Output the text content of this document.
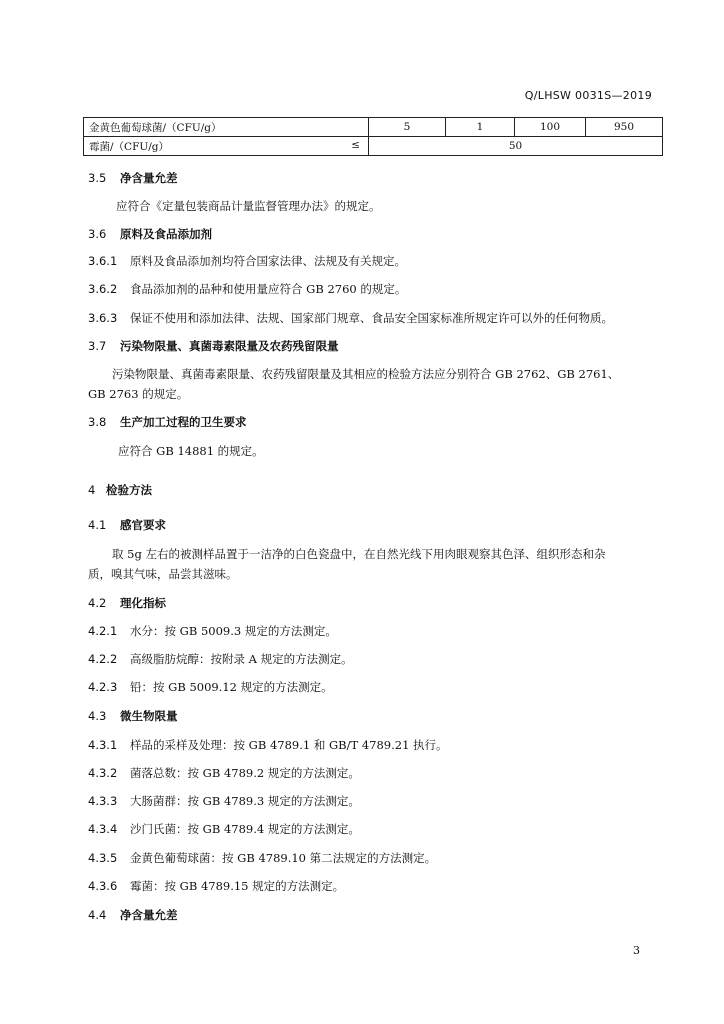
Q/LHSW 0031S—2019
金黄色葡萄球菌/（CFU/g）	5	1	100	950
霉菌/（CFU/g） ≤	50			
3.5 净含量允差
应符合《定量包装商品计量监督管理办法》的规定。
3.6 原料及食品添加剂
3.6.1 原料及食品添加剂均符合国家法律、法规及有关规定。
3.6.2 食品添加剂的品种和使用量应符合 GB 2760 的规定。
3.6.3 保证不使用和添加法律、法规、国家部门规章、食品安全国家标准所规定许可以外的任何物质。
3.7 污染物限量、真菌毒素限量及农药残留限量
污染物限量、真菌毒素限量、农药残留限量及其相应的检验方法应分别符合 GB 2762、GB 2761、
GB 2763 的规定。
3.8 生产加工过程的卫生要求
应符合 GB 14881 的规定。
4 检验方法
4.1 感官要求
取 5g 左右的被测样品置于一洁净的白色瓷盘中，在自然光线下用肉眼观察其色泽、组织形态和杂
质，嗅其气味，品尝其滋味。
4.2 理化指标
4.2.1 水分：按 GB 5009.3 规定的方法测定。
4.2.2 高级脂肪烷醇：按附录 A 规定的方法测定。
4.2.3 铅：按 GB 5009.12 规定的方法测定。
4.3 微生物限量
4.3.1 样品的采样及处理：按 GB 4789.1 和 GB/T 4789.21 执行。
4.3.2 菌落总数：按 GB 4789.2 规定的方法测定。
4.3.3 大肠菌群：按 GB 4789.3 规定的方法测定。
4.3.4 沙门氏菌：按 GB 4789.4 规定的方法测定。
4.3.5 金黄色葡萄球菌：按 GB 4789.10 第二法规定的方法测定。
4.3.6 霉菌：按 GB 4789.15 规定的方法测定。
4.4 净含量允差
3
